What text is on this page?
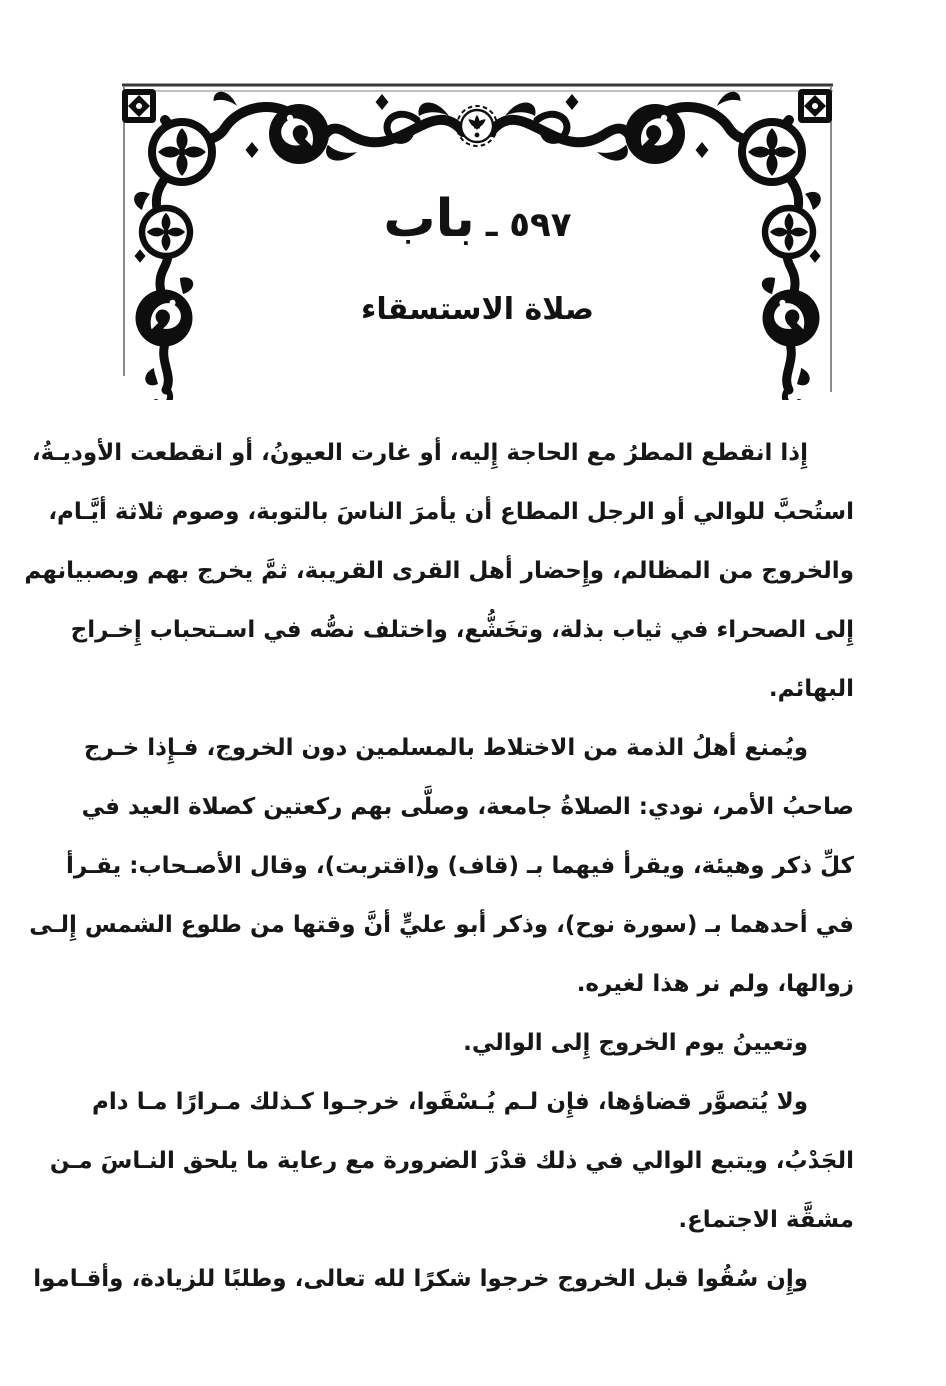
٥٩٧ ـ باب
صلاة الاستسقاء
إِذا انقطع المطرُ مع الحاجة إِليه، أو غارت العيونُ، أو انقطعت الأوديـةُ،
استُحبَّ للوالي أو الرجل المطاع أن يأمرَ الناسَ بالتوبة، وصوم ثلاثة أيَّـام،
والخروج من المظالم، وإِحضار أهل القرى القريبة، ثمَّ يخرج بهم وبصبيانهم
إِلى الصحراء في ثياب بذلة، وتخَشُّع، واختلف نصُّه في اسـتحباب إِخـراج
البهائم.
ويُمنع أهلُ الذمة من الاختلاط بالمسلمين دون الخروج، فـإِذا خـرج
صاحبُ الأمر، نودي: الصلاةُ جامعة، وصلَّى بهم ركعتين كصلاة العيد في
كلِّ ذكر وهيئة، ويقرأ فيهما بـ (قاف) و(اقتربت)، وقال الأصـحاب: يقـرأ
في أحدهما بـ (سورة نوح)، وذكر أبو عليٍّ أنَّ وقتها من طلوع الشمس إِلـى
زوالها، ولم نر هذا لغيره.
وتعيينُ يوم الخروج إِلى الوالي.
ولا يُتصوَّر قضاؤها، فإِن لـم يُـسْقَوا، خرجـوا كـذلك مـرارًا مـا دام
الجَدْبُ، ويتبع الوالي في ذلك قدْرَ الضرورة مع رعاية ما يلحق النـاسَ مـن
مشقَّة الاجتماع.
وإِن سُقُوا قبل الخروج خرجوا شكرًا لله تعالى، وطلبًا للزيادة، وأقـاموا
